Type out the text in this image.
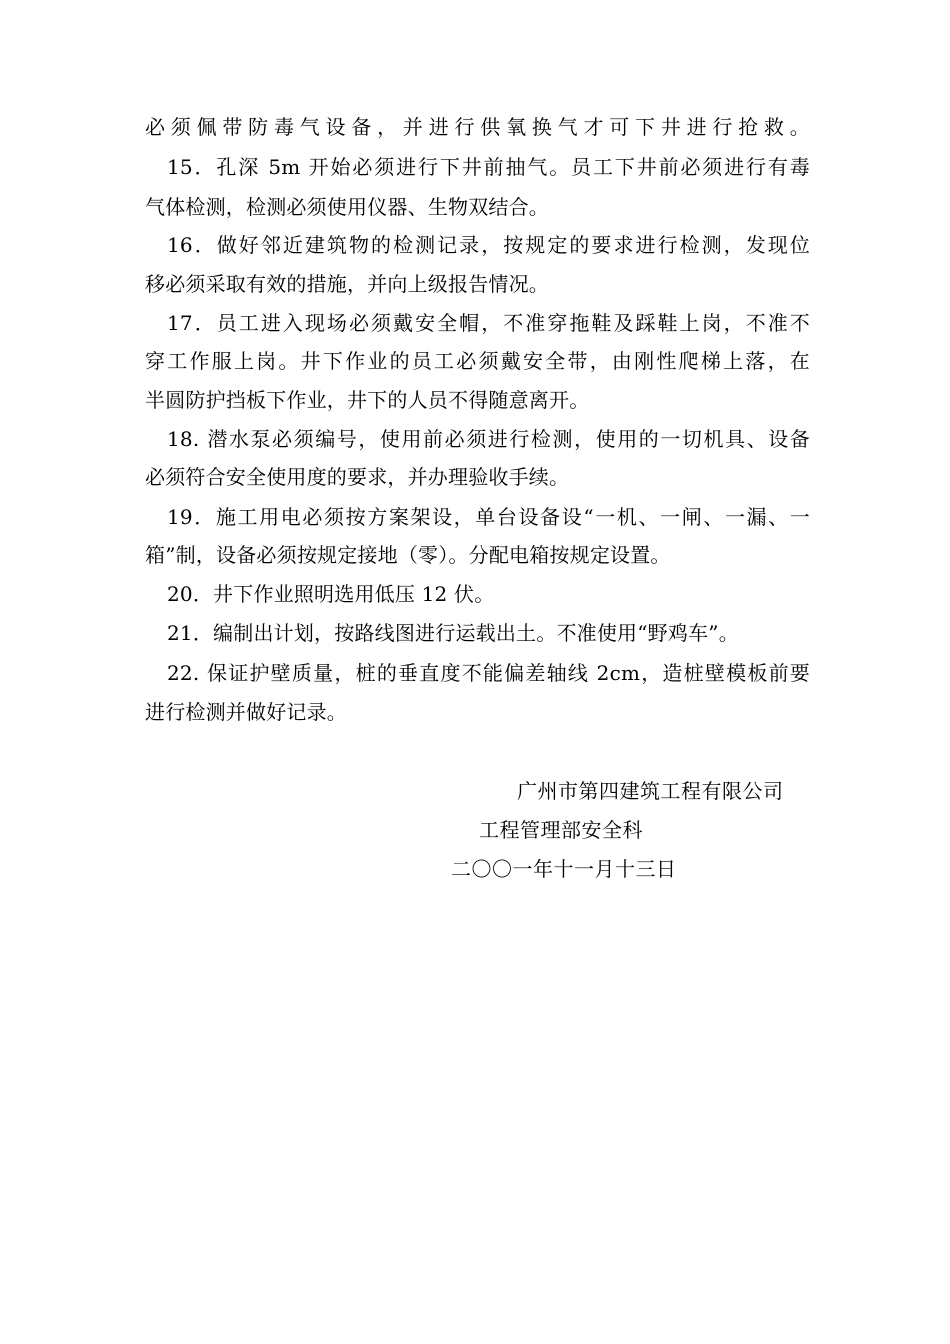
必须佩带防毒气设备，并进行供氧换气才可下井进行抢救。
15．孔深 5m 开始必须进行下井前抽气。员工下井前必须进行有毒
气体检测，检测必须使用仪器、生物双结合。
16．做好邻近建筑物的检测记录，按规定的要求进行检测，发现位
移必须采取有效的措施，并向上级报告情况。
17．员工进入现场必须戴安全帽，不准穿拖鞋及踩鞋上岗，不准不
穿工作服上岗。井下作业的员工必须戴安全带，由刚性爬梯上落，在
半圆防护挡板下作业，井下的人员不得随意离开。
18. 潜水泵必须编号，使用前必须进行检测，使用的一切机具、设备
必须符合安全使用度的要求，并办理验收手续。
19．施工用电必须按方案架设，单台设备设“一机、一闸、一漏、一
箱”制，设备必须按规定接地（零）。分配电箱按规定设置。
20．井下作业照明选用低压 12 伏。
21．编制出计划，按路线图进行运载出土。不准使用“野鸡车”。
22. 保证护壁质量，桩的垂直度不能偏差轴线 2cm，造桩壁模板前要
进行检测并做好记录。
广州市第四建筑工程有限公司
工程管理部安全科
二〇〇一年十一月十三日
